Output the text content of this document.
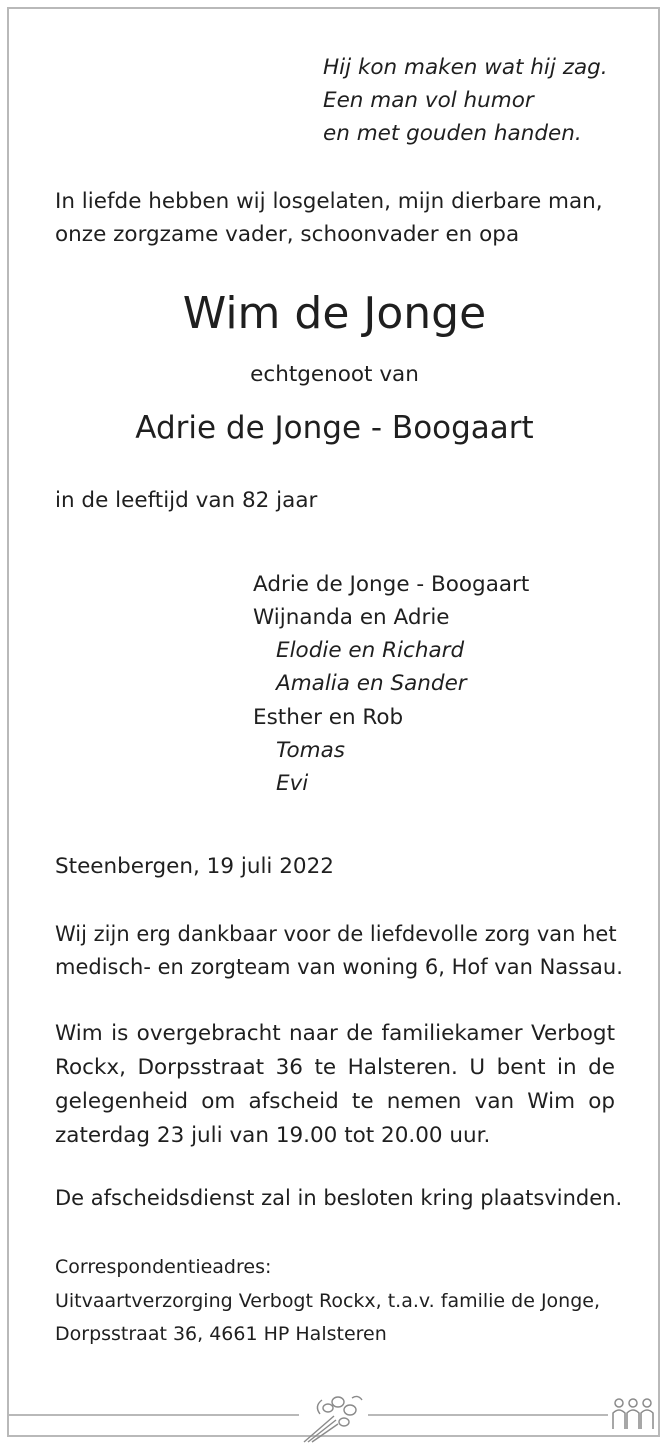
Hij kon maken wat hij zag.

Een man vol humor

en met gouden handen.

In liefde hebben wij losgelaten, mijn dierbare man,

onze zorgzame vader, schoonvader en opa

Wim de Jonge

echtgenoot van

Adrie de Jonge - Boogaart

in de leeftijd van 82 jaar

Adrie de Jonge - Boogaart

Wijnanda en Adrie

Elodie en Richard

Amalia en Sander

Esther en Rob

Tomas

Evi

Steenbergen, 19 juli 2022

Wij zijn erg dankbaar voor de liefdevolle zorg van het

medisch- en zorgteam van woning 6, Hof van Nassau.

Wim is overgebracht naar de familiekamer Verbogt Rockx, Dorpsstraat 36 te Halsteren. U bent in de gelegenheid om afscheid te nemen van Wim op zaterdag 23 juli van 19.00 tot 20.00 uur.

De afscheidsdienst zal in besloten kring plaatsvinden.

Correspondentieadres:

Uitvaartverzorging Verbogt Rockx, t.a.v. familie de Jonge,

Dorpsstraat 36, 4661 HP Halsteren
